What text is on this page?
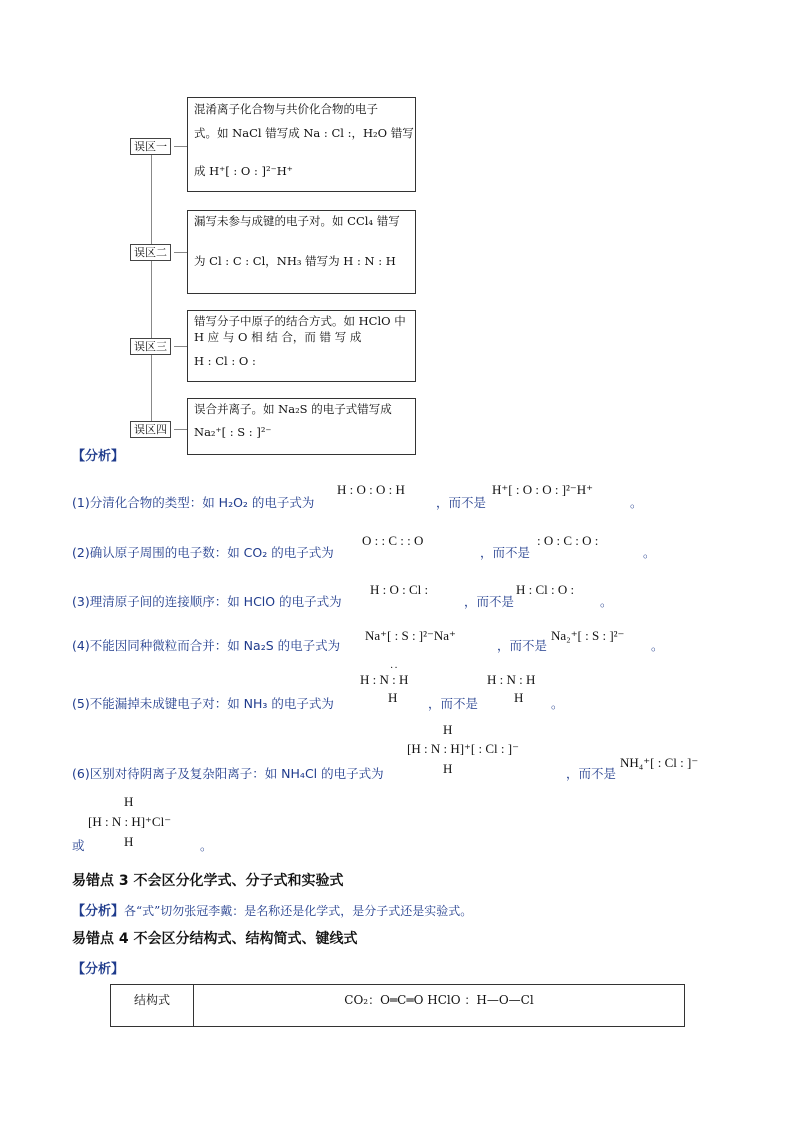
误区一
混淆离子化合物与共价化合物的电子
式。如 NaCl 错写成 Na : Cl :，H₂O 错写
成 H⁺[ : O : ]²⁻H⁺
误区二
漏写未参与成键的电子对。如 CCl₄ 错写
为 Cl : C : Cl，NH₃ 错写为 H : N : H
误区三
错写分子中原子的结合方式。如 HClO 中
H 应 与 O 相 结 合，而 错 写 成
H : Cl : O :
误区四
误合并离子。如 Na₂S 的电子式错写成
Na₂⁺[ : S : ]²⁻
【分析】
(1)分清化合物的类型：如 H₂O₂ 的电子式为
H : O : O : H
，而不是
H⁺[ : O : O : ]²⁻H⁺
。
(2)确认原子周围的电子数：如 CO₂ 的电子式为
O : : C : : O
，而不是
: O : C : O :
。
(3)理清原子间的连接顺序：如 HClO 的电子式为
H : O : Cl :
，而不是
H : Cl : O :
。
(4)不能因同种微粒而合并：如 Na₂S 的电子式为
Na⁺[ : S : ]²⁻Na⁺
，而不是
Na₂⁺[ : S : ]²⁻
。
(5)不能漏掉未成键电子对：如 NH₃ 的电子式为
H : N : H
··
H ，而不是
H : N : H
H 。
H
[H : N : H]⁺[ : Cl : ]⁻
H
(6)区别对待阴离子及复杂阳离子：如 NH₄Cl 的电子式为	，而不是
NH₄⁺[ : Cl : ]⁻
H
[H : N : H]⁺Cl⁻
H
或	。
易错点 3 不会区分化学式、分子式和实验式
【分析】各“式”切勿张冠李戴：是名称还是化学式，是分子式还是实验式。
易错点 4 不会区分结构式、结构简式、键线式
【分析】
结构式	CO₂：O═C═O HClO ：H—O—Cl
